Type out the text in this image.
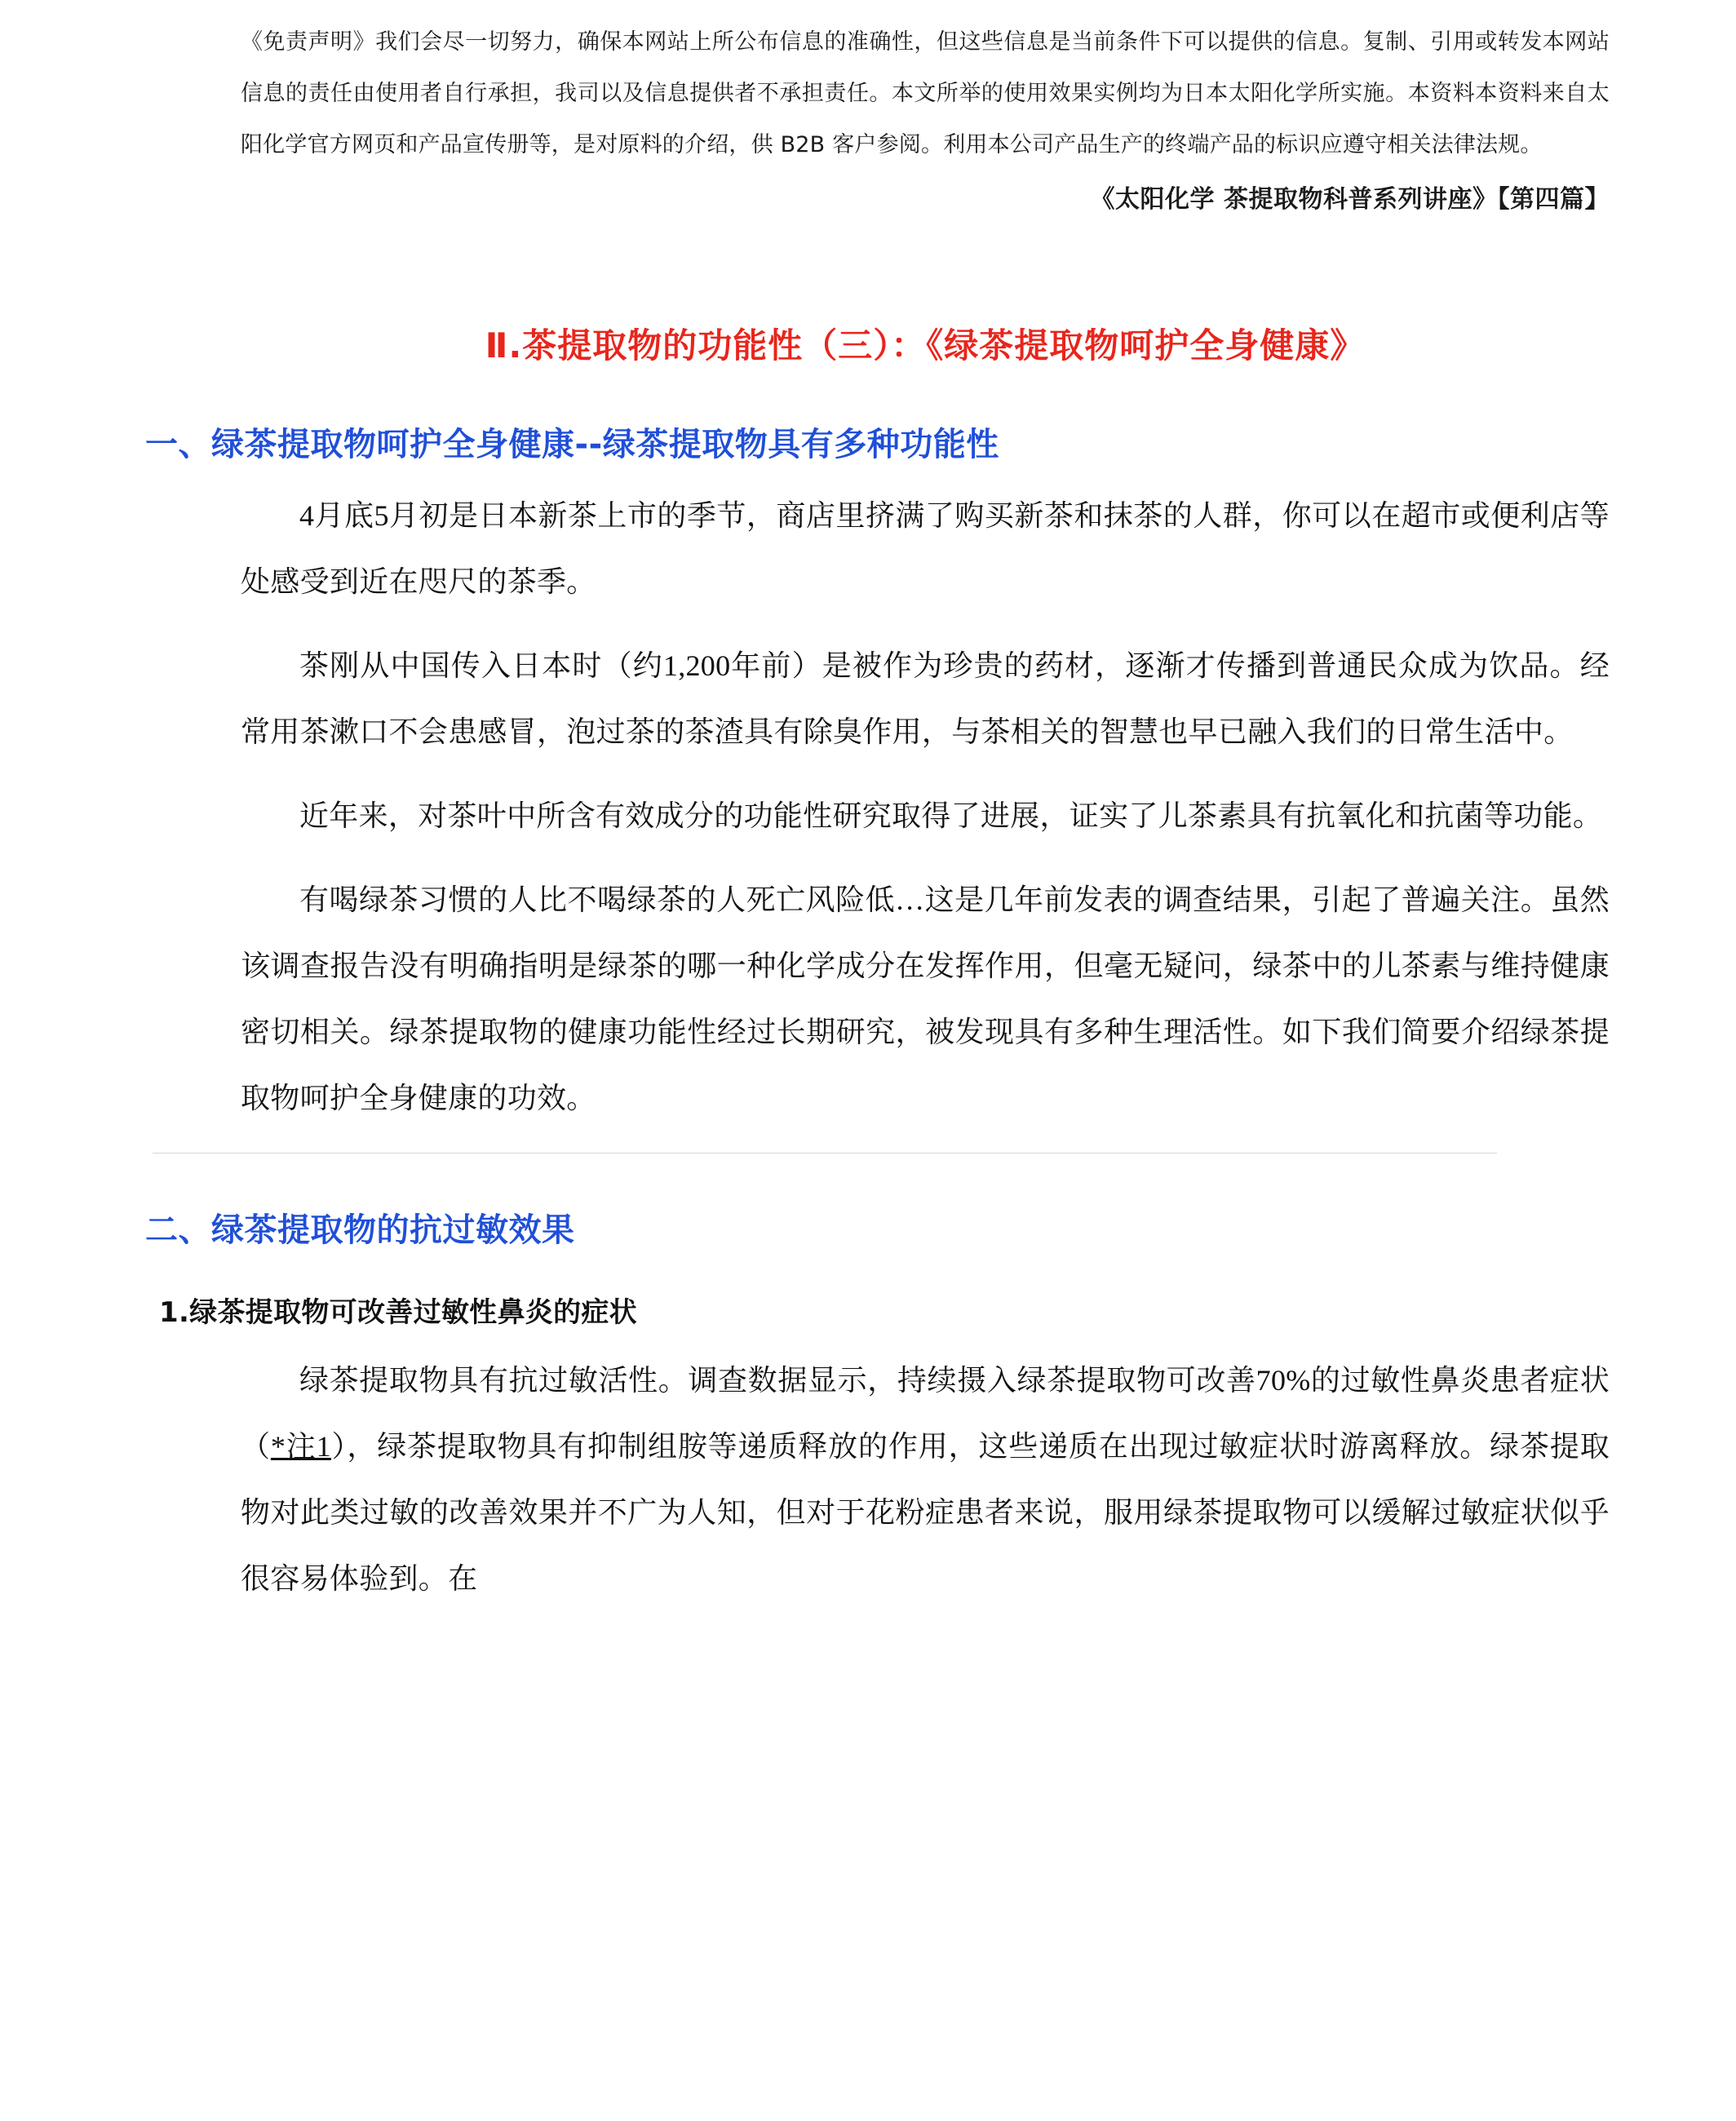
《免责声明》我们会尽一切努力，确保本网站上所公布信息的准确性，但这些信息是当前条件下可以提供的信息。复制、引用或转发本网站信息的责任由使用者自行承担，我司以及信息提供者不承担责任。本文所举的使用效果实例均为日本太阳化学所实施。本资料本资料来自太阳化学官方网页和产品宣传册等，是对原料的介绍，供 B2B 客户参阅。利用本公司产品生产的终端产品的标识应遵守相关法律法规。

《太阳化学 茶提取物科普系列讲座》【第四篇】
Ⅱ.茶提取物的功能性（三）：《绿茶提取物呵护全身健康》
一、绿茶提取物呵护全身健康--绿茶提取物具有多种功能性

4月底5月初是日本新茶上市的季节，商店里挤满了购买新茶和抹茶的人群，你可以在超市或便利店等处感受到近在咫尺的茶季。

茶刚从中国传入日本时（约1,200年前）是被作为珍贵的药材，逐渐才传播到普通民众成为饮品。经常用茶漱口不会患感冒，泡过茶的茶渣具有除臭作用，与茶相关的智慧也早已融入我们的日常生活中。

近年来，对茶叶中所含有效成分的功能性研究取得了进展，证实了儿茶素具有抗氧化和抗菌等功能。

有喝绿茶习惯的人比不喝绿茶的人死亡风险低…这是几年前发表的调查结果，引起了普遍关注。虽然该调查报告没有明确指明是绿茶的哪一种化学成分在发挥作用，但毫无疑问，绿茶中的儿茶素与维持健康密切相关。绿茶提取物的健康功能性经过长期研究，被发现具有多种生理活性。如下我们简要介绍绿茶提取物呵护全身健康的功效。

二、绿茶提取物的抗过敏效果
1.绿茶提取物可改善过敏性鼻炎的症状

绿茶提取物具有抗过敏活性。调查数据显示，持续摄入绿茶提取物可改善70%的过敏性鼻炎患者症状（*注1），绿茶提取物具有抑制组胺等递质释放的作用，这些递质在出现过敏症状时游离释放。绿茶提取物对此类过敏的改善效果并不广为人知，但对于花粉症患者来说，服用绿茶提取物可以缓解过敏症状似乎很容易体验到。在
